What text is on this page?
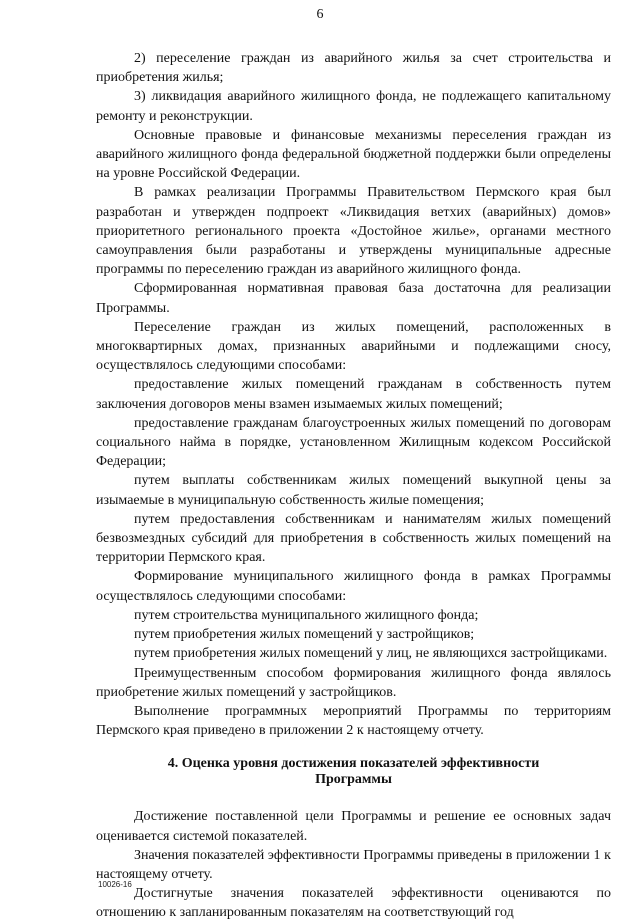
6

2) переселение граждан из аварийного жилья за счет строительства и приобретения жилья;

3) ликвидация аварийного жилищного фонда, не подлежащего капитальному ремонту и реконструкции.

Основные правовые и финансовые механизмы переселения граждан из аварийного жилищного фонда федеральной бюджетной поддержки были определены на уровне Российской Федерации.

В рамках реализации Программы Правительством Пермского края был разработан и утвержден подпроект «Ликвидация ветхих (аварийных) домов» приоритетного регионального проекта «Достойное жилье», органами местного самоуправления были разработаны и утверждены муниципальные адресные программы по переселению граждан из аварийного жилищного фонда.

Сформированная нормативная правовая база достаточна для реализации Программы.

Переселение граждан из жилых помещений, расположенных в многоквартирных домах, признанных аварийными и подлежащими сносу, осуществлялось следующими способами:

предоставление жилых помещений гражданам в собственность путем заключения договоров мены взамен изымаемых жилых помещений;

предоставление гражданам благоустроенных жилых помещений по договорам социального найма в порядке, установленном Жилищным кодексом Российской Федерации;

путем выплаты собственникам жилых помещений выкупной цены за изымаемые в муниципальную собственность жилые помещения;

путем предоставления собственникам и нанимателям жилых помещений безвозмездных субсидий для приобретения в собственность жилых помещений на территории Пермского края.

Формирование муниципального жилищного фонда в рамках Программы осуществлялось следующими способами:

путем строительства муниципального жилищного фонда;

путем приобретения жилых помещений у застройщиков;

путем приобретения жилых помещений у лиц, не являющихся застройщиками.

Преимущественным способом формирования жилищного фонда являлось приобретение жилых помещений у застройщиков.

Выполнение программных мероприятий Программы по территориям Пермского края приведено в приложении 2 к настоящему отчету.

4. Оценка уровня достижения показателей эффективности
Программы

Достижение поставленной цели Программы и решение ее основных задач оценивается системой показателей.

Значения показателей эффективности Программы приведены в приложении 1 к настоящему отчету.

Достигнутые значения показателей эффективности оцениваются по отношению к запланированным показателям на соответствующий год

10026-16
